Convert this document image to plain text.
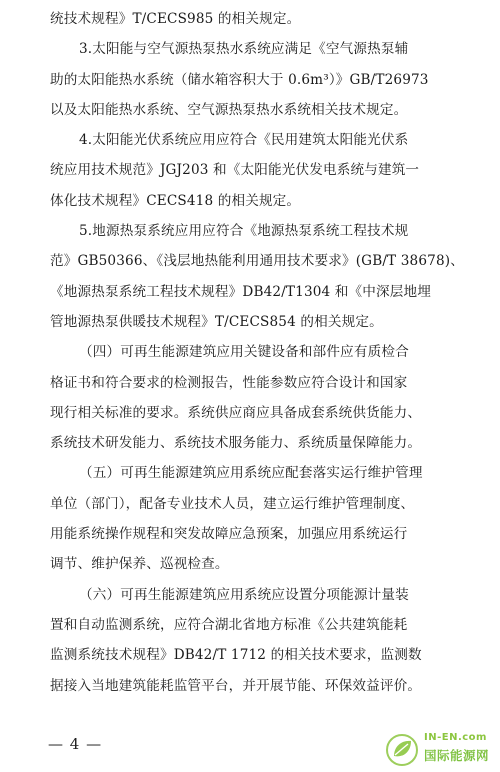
统技术规程》T/CECS985 的相关规定。
3.太阳能与空气源热泵热水系统应满足《空气源热泵辅
助的太阳能热水系统（储水箱容积大于 0.6m³）》GB/T26973
以及太阳能热水系统、空气源热泵热水系统相关技术规定。
4.太阳能光伏系统应用应符合《民用建筑太阳能光伏系
统应用技术规范》JGJ203 和《太阳能光伏发电系统与建筑一
体化技术规程》CECS418 的相关规定。
5.地源热泵系统应用应符合《地源热泵系统工程技术规
范》GB50366、《浅层地热能利用通用技术要求》(GB/T 38678)、
《地源热泵系统工程技术规程》DB42/T1304 和《中深层地埋
管地源热泵供暖技术规程》T/CECS854 的相关规定。
（四）可再生能源建筑应用关键设备和部件应有质检合
格证书和符合要求的检测报告，性能参数应符合设计和国家
现行相关标准的要求。系统供应商应具备成套系统供货能力、
系统技术研发能力、系统技术服务能力、系统质量保障能力。
（五）可再生能源建筑应用系统应配套落实运行维护管理
单位（部门），配备专业技术人员，建立运行维护管理制度、
用能系统操作规程和突发故障应急预案，加强应用系统运行
调节、维护保养、巡视检查。
（六）可再生能源建筑应用系统应设置分项能源计量装
置和自动监测系统，应符合湖北省地方标准《公共建筑能耗
监测系统技术规程》DB42/T 1712 的相关技术要求，监测数
据接入当地建筑能耗监管平台，并开展节能、环保效益评价。
— 4 —	IN-EN.com
国际能源网
